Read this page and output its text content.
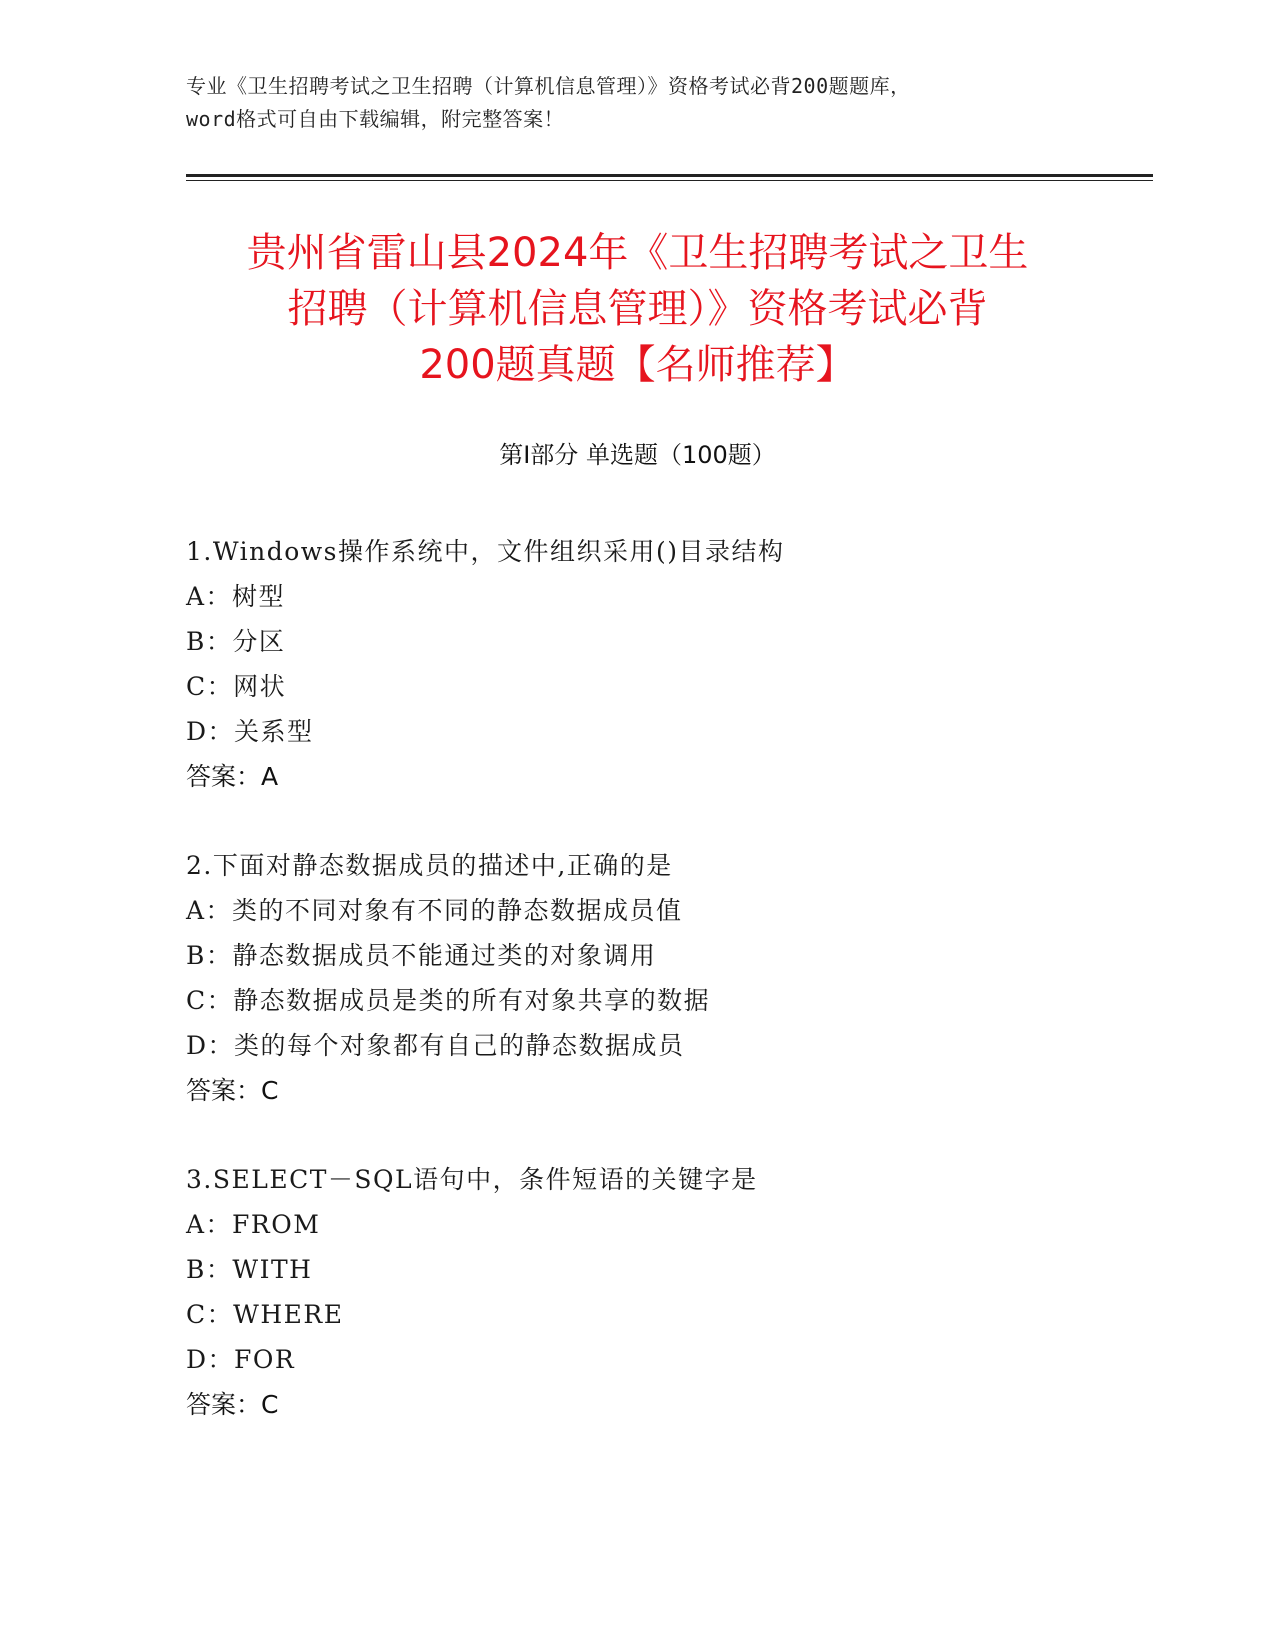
专业《卫生招聘考试之卫生招聘（计算机信息管理）》资格考试必背200题题库，
word格式可自由下载编辑，附完整答案！
贵州省雷山县2024年《卫生招聘考试之卫生
招聘（计算机信息管理）》资格考试必背
200题真题【名师推荐】
第Ⅰ部分 单选题（100题）
1.Windows操作系统中，文件组织采用()目录结构
A：树型
B：分区
C：网状
D：关系型
答案：A
2.下面对静态数据成员的描述中,正确的是
A：类的不同对象有不同的静态数据成员值
B：静态数据成员不能通过类的对象调用
C：静态数据成员是类的所有对象共享的数据
D：类的每个对象都有自己的静态数据成员
答案：C
3.SELECT－SQL语句中，条件短语的关键字是
A：FROM
B：WITH
C：WHERE
D：FOR
答案：C
